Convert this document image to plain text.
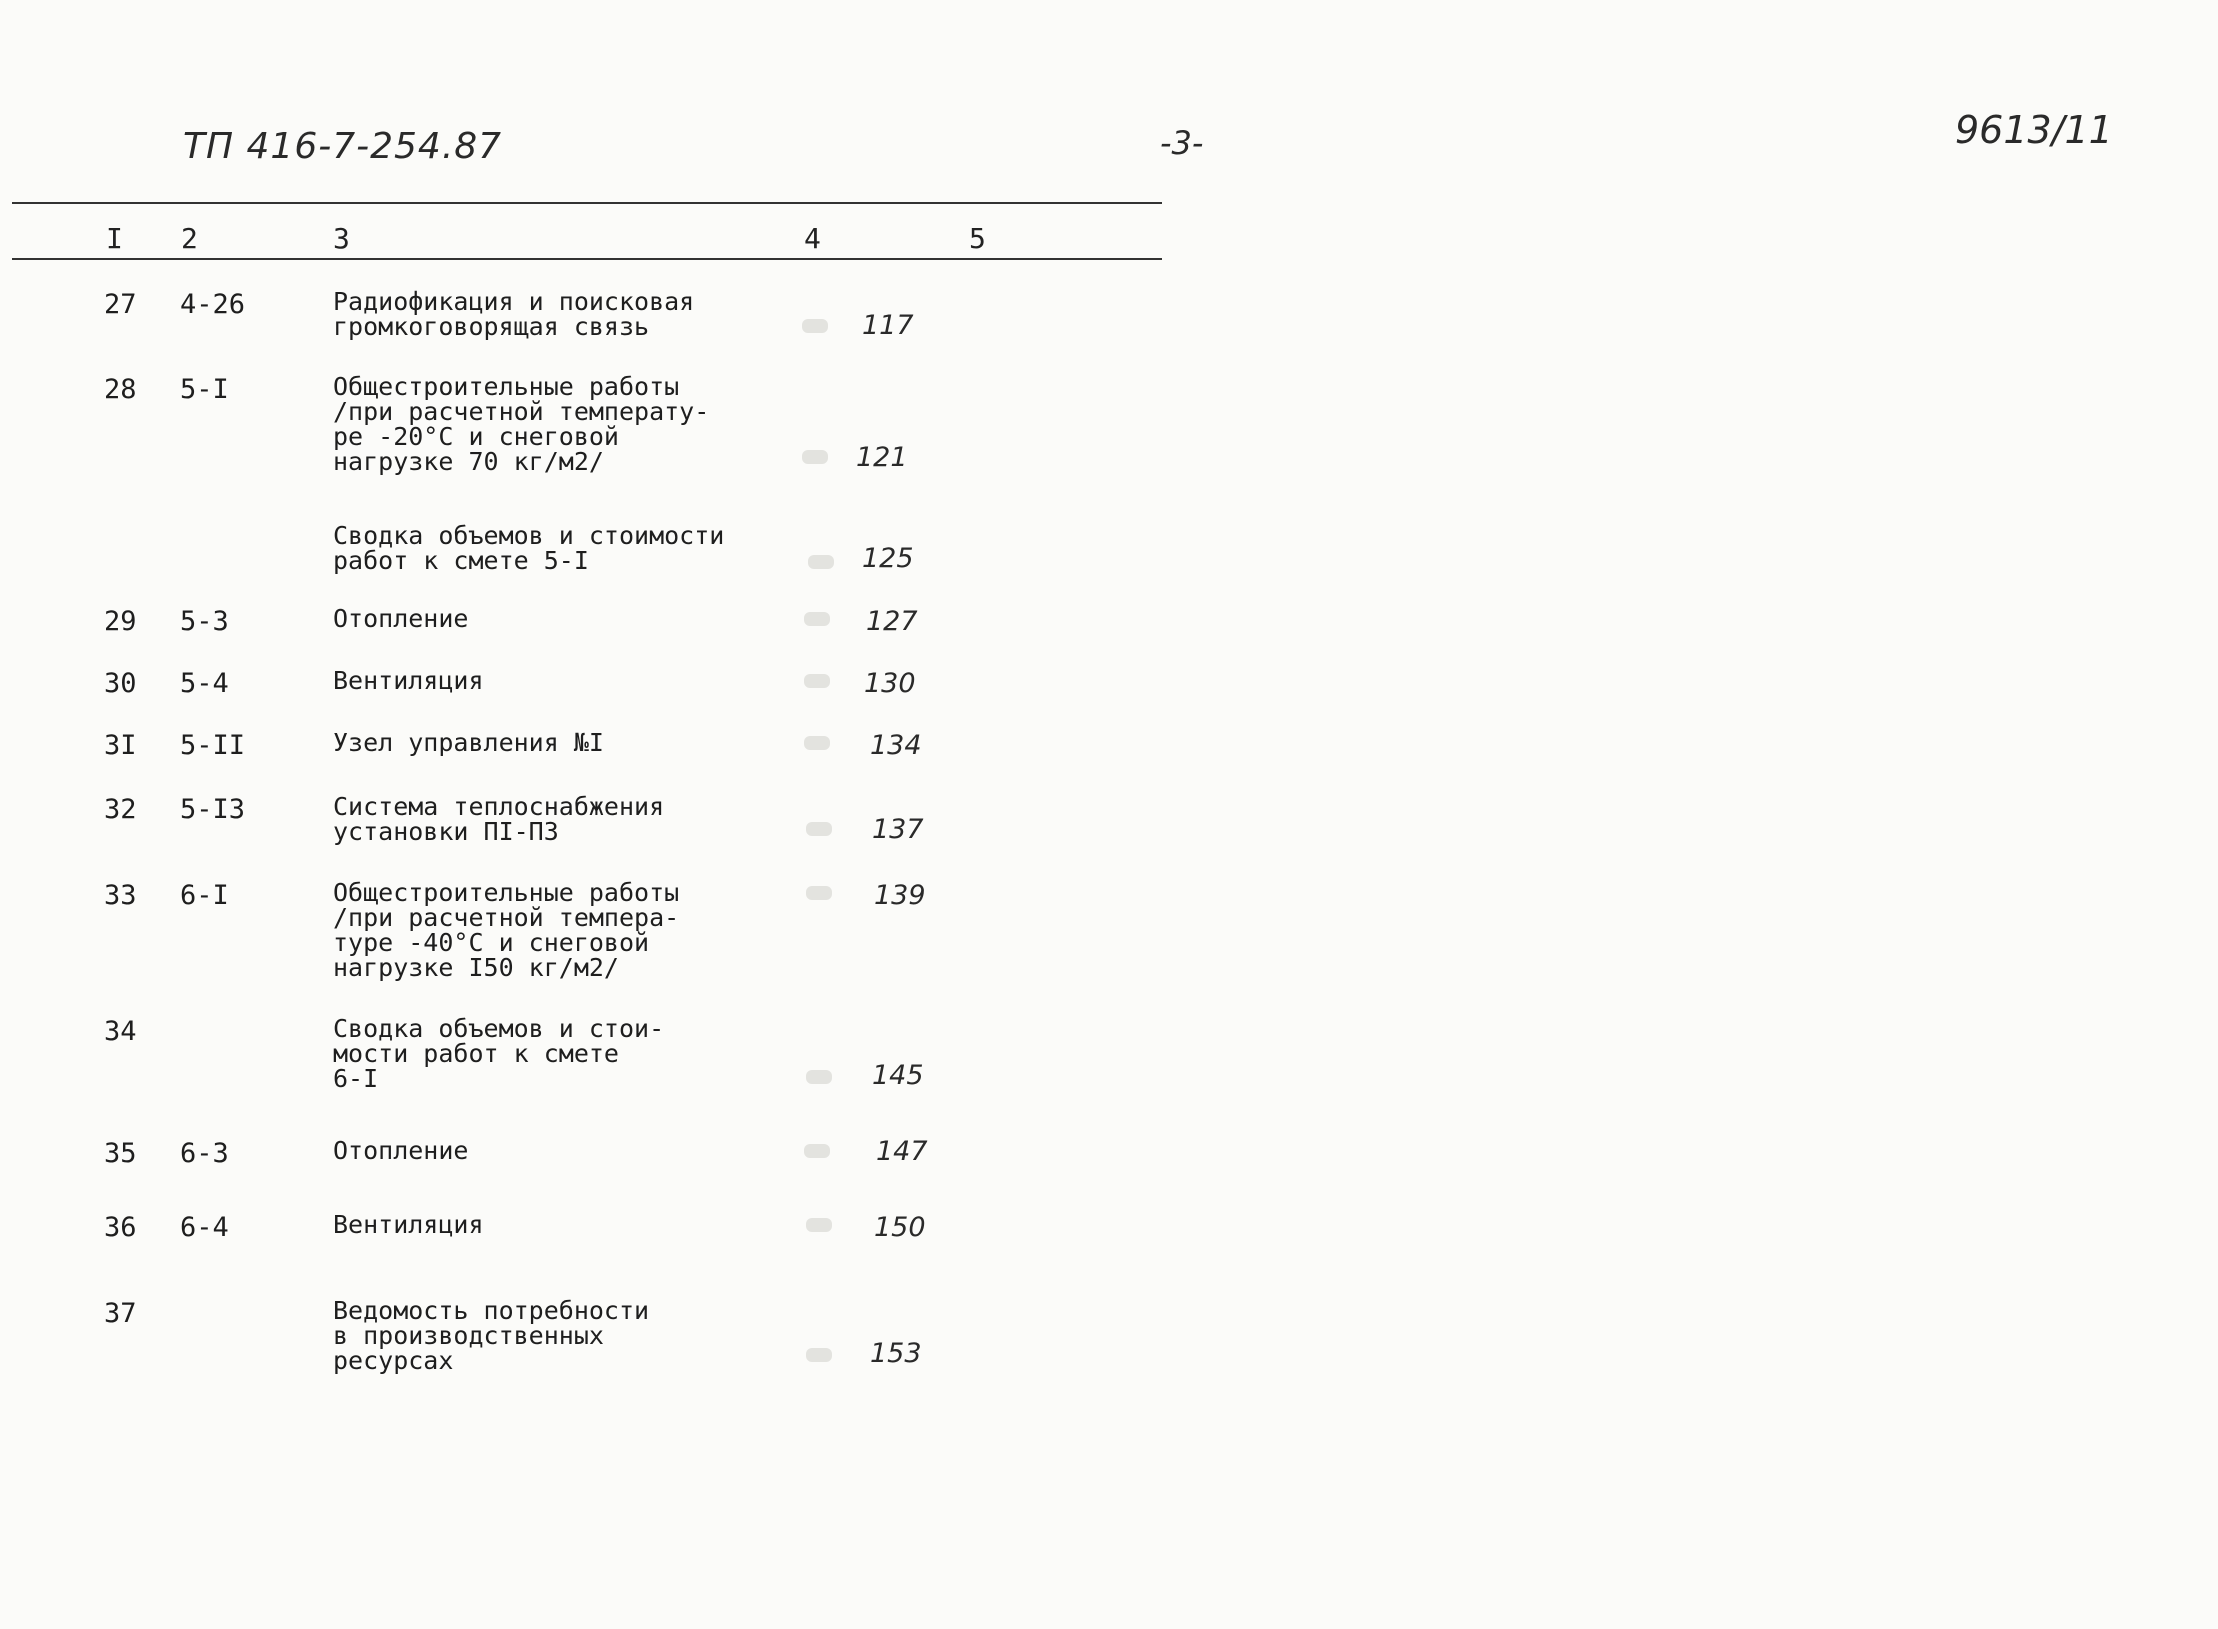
ТП 416-7-254.87	-3-	9613/11
I 2	3	4	5
27 4-26	Радиофикация и поисковая
громкоговорящая связь	117
28 5-I	Общестроительные работы
/при расчетной температу-
ре -20°С и снеговой
нагрузке 70 кг/м2/	121
Сводка объемов и стоимости
работ к смете 5-I	125
29 5-3	Отопление	127
30 5-4	Вентиляция	130
3I 5-II	Узел управления №I	134
32 5-I3	Система теплоснабжения
установки ПI-П3	137
33 6-I	Общестроительные работы
/при расчетной темпера-
туре -40°С и снеговой
нагрузке I50 кг/м2/
139
34	Сводка объемов и стои-
мости работ к смете
6-I	145
35 6-3	Отопление	147
36 6-4	Вентиляция	150
37	Ведомость потребности
в производственных
ресурсах	153
